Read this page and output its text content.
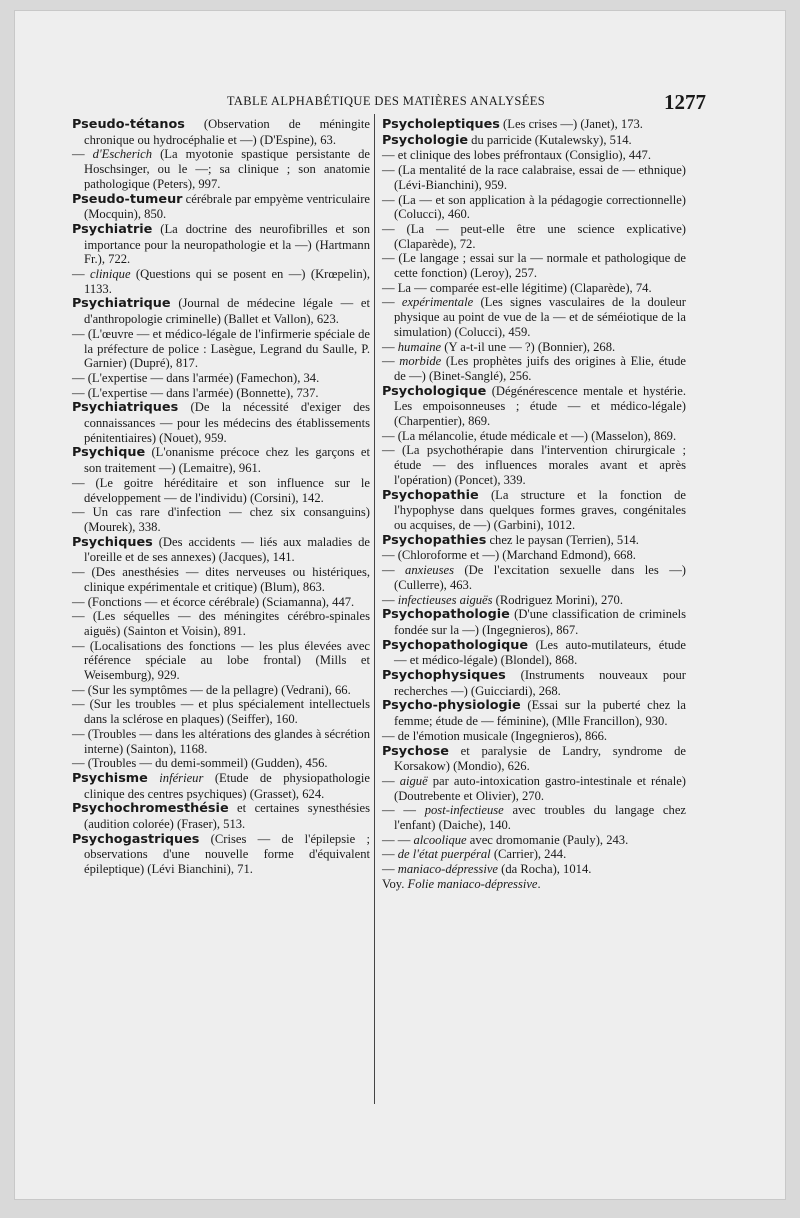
TABLE ALPHABÉTIQUE DES MATIÈRES ANALYSÉES	1277

Pseudo-tétanos (Observation de méningite chronique ou hydrocéphalie et —) (D'Espine), 63.

— d'Escherich (La myotonie spastique persistante de Hoschsinger, ou le —; sa clinique ; son anatomie pathologique (Peters), 997.

Pseudo-tumeur cérébrale par empyème ventriculaire (Mocquin), 850.

Psychiatrie (La doctrine des neurofibrilles et son importance pour la neuropathologie et la —) (Hartmann Fr.), 722.

— clinique (Questions qui se posent en —) (Krœpelin), 1133.

Psychiatrique (Journal de médecine légale — et d'anthropologie criminelle) (Ballet et Vallon), 623.

— (L'œuvre — et médico-légale de l'infirmerie spéciale de la préfecture de police : Lasègue, Legrand du Saulle, P. Garnier) (Dupré), 817.

— (L'expertise — dans l'armée) (Famechon), 34.

— (L'expertise — dans l'armée) (Bonnette), 737.

Psychiatriques (De la nécessité d'exiger des connaissances — pour les médecins des établissements pénitentiaires) (Nouet), 959.

Psychique (L'onanisme précoce chez les garçons et son traitement —) (Lemaitre), 961.

— (Le goitre héréditaire et son influence sur le développement — de l'individu) (Corsini), 142.

— Un cas rare d'infection — chez six consanguins) (Mourek), 338.

Psychiques (Des accidents — liés aux maladies de l'oreille et de ses annexes) (Jacques), 141.

— (Des anesthésies — dites nerveuses ou histériques, clinique expérimentale et critique) (Blum), 863.

— (Fonctions — et écorce cérébrale) (Sciamanna), 447.

— (Les séquelles — des méningites cérébro-spinales aiguës) (Sainton et Voisin), 891.

— (Localisations des fonctions — les plus élevées avec référence spéciale au lobe frontal) (Mills et Weisemburg), 929.

— (Sur les symptômes — de la pellagre) (Vedrani), 66.

— (Sur les troubles — et plus spécialement intellectuels dans la sclérose en plaques) (Seiffer), 160.

— (Troubles — dans les altérations des glandes à sécrétion interne) (Sainton), 1168.

— (Troubles — du demi-sommeil) (Gudden), 456.

Psychisme inférieur (Etude de physiopathologie clinique des centres psychiques) (Grasset), 624.

Psychochromesthésie et certaines synesthésies (audition colorée) (Fraser), 513.

Psychogastriques (Crises — de l'épilepsie ; observations d'une nouvelle forme d'équivalent épileptique) (Lévi Bianchini), 71.

Psycholeptiques (Les crises —) (Janet), 173.

Psychologie du parricide (Kutalewsky), 514.

— et clinique des lobes préfrontaux (Consiglio), 447.

— (La mentalité de la race calabraise, essai de — ethnique) (Lévi-Bianchini), 959.

— (La — et son application à la pédagogie correctionnelle) (Colucci), 460.

— (La — peut-elle être une science explicative) (Claparède), 72.

— (Le langage ; essai sur la — normale et pathologique de cette fonction) (Leroy), 257.

— La — comparée est-elle légitime) (Claparède), 74.

— expérimentale (Les signes vasculaires de la douleur physique au point de vue de la — et de séméiotique de la simulation) (Colucci), 459.

— humaine (Y a-t-il une — ?) (Bonnier), 268.

— morbide (Les prophètes juifs des origines à Elie, étude de —) (Binet-Sanglé), 256.

Psychologique (Dégénérescence mentale et hystérie. Les empoisonneuses ; étude — et médico-légale) (Charpentier), 869.

— (La mélancolie, étude médicale et —) (Masselon), 869.

— (La psychothérapie dans l'intervention chirurgicale ; étude — des influences morales avant et après l'opération) (Poncet), 339.

Psychopathie (La structure et la fonction de l'hypophyse dans quelques formes graves, congénitales ou acquises, de —) (Garbini), 1012.

Psychopathies chez le paysan (Terrien), 514.

— (Chloroforme et —) (Marchand Edmond), 668.

— anxieuses (De l'excitation sexuelle dans les —) (Cullerre), 463.

— infectieuses aiguës (Rodriguez Morini), 270.

Psychopathologie (D'une classification de criminels fondée sur la —) (Ingegnieros), 867.

Psychopathologique (Les auto-mutilateurs, étude — et médico-légale) (Blondel), 868.

Psychophysiques (Instruments nouveaux pour recherches —) (Guicciardi), 268.

Psycho-physiologie (Essai sur la puberté chez la femme; étude de — féminine), (Mlle Francillon), 930.

— de l'émotion musicale (Ingegnieros), 866.

Psychose et paralysie de Landry, syndrome de Korsakow) (Mondio), 626.

— aiguë par auto-intoxication gastro-intestinale et rénale) (Doutrebente et Olivier), 270.

— — post-infectieuse avec troubles du langage chez l'enfant) (Daiche), 140.

— — alcoolique avec dromomanie (Pauly), 243.

— de l'état puerpéral (Carrier), 244.

— maniaco-dépressive (da Rocha), 1014.

Voy. Folie maniaco-dépressive.
